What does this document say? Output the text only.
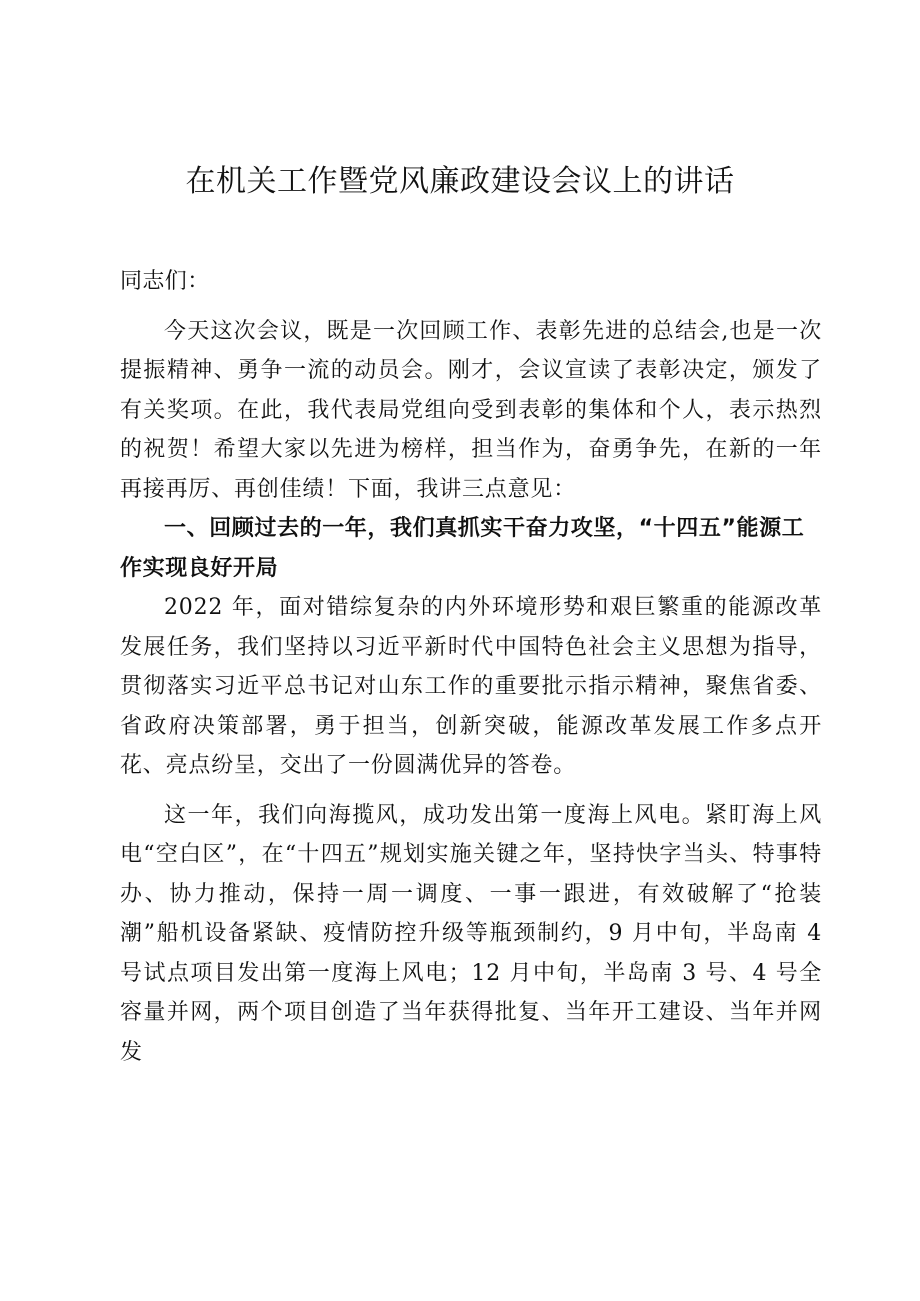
在机关工作暨党风廉政建设会议上的讲话

同志们：

今天这次会议，既是一次回顾工作、表彰先进的总结会,也是一次提振精神、勇争一流的动员会。刚才，会议宣读了表彰决定，颁发了有关奖项。在此，我代表局党组向受到表彰的集体和个人，表示热烈的祝贺！希望大家以先进为榜样，担当作为，奋勇争先，在新的一年再接再厉、再创佳绩！下面，我讲三点意见：

一、回顾过去的一年，我们真抓实干奋力攻坚，“十四五”能源工作实现良好开局

2022 年，面对错综复杂的内外环境形势和艰巨繁重的能源改革发展任务，我们坚持以习近平新时代中国特色社会主义思想为指导，贯彻落实习近平总书记对山东工作的重要批示指示精神，聚焦省委、省政府决策部署，勇于担当，创新突破，能源改革发展工作多点开花、亮点纷呈，交出了一份圆满优异的答卷。

这一年，我们向海揽风，成功发出第一度海上风电。紧盯海上风电“空白区”，在“十四五”规划实施关键之年，坚持快字当头、特事特办、协力推动，保持一周一调度、一事一跟进，有效破解了“抢装潮”船机设备紧缺、疫情防控升级等瓶颈制约，9 月中旬，半岛南 4 号试点项目发出第一度海上风电；12 月中旬，半岛南 3 号、4 号全容量并网，两个项目创造了当年获得批复、当年开工建设、当年并网发
